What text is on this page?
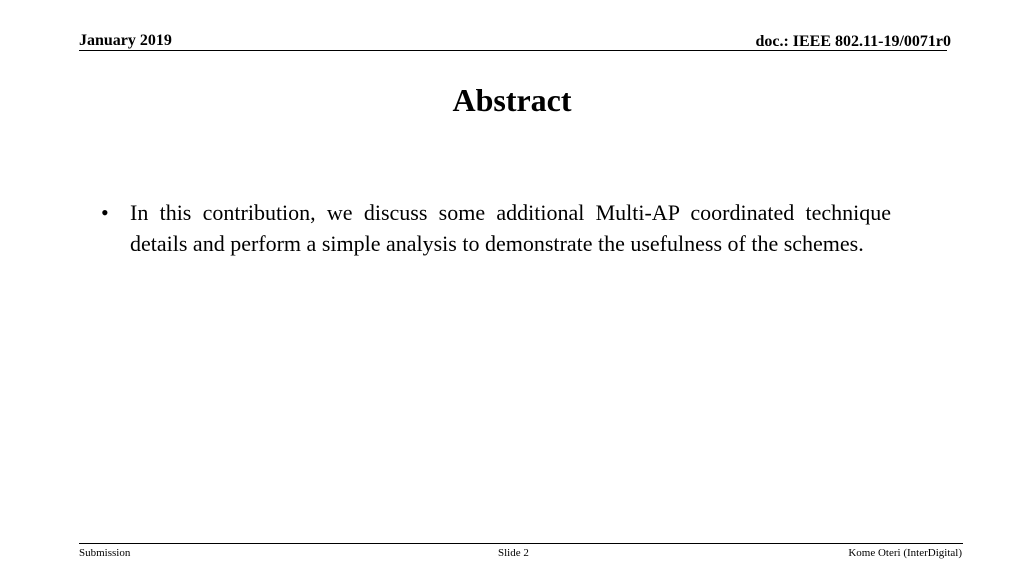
January 2019	doc.: IEEE 802.11-19/0071r0
Abstract
• In this contribution, we discuss some additional Multi-AP coordinated technique details and perform a simple analysis to demonstrate the usefulness of the schemes.
Submission	Slide 2	Kome Oteri (InterDigital)
